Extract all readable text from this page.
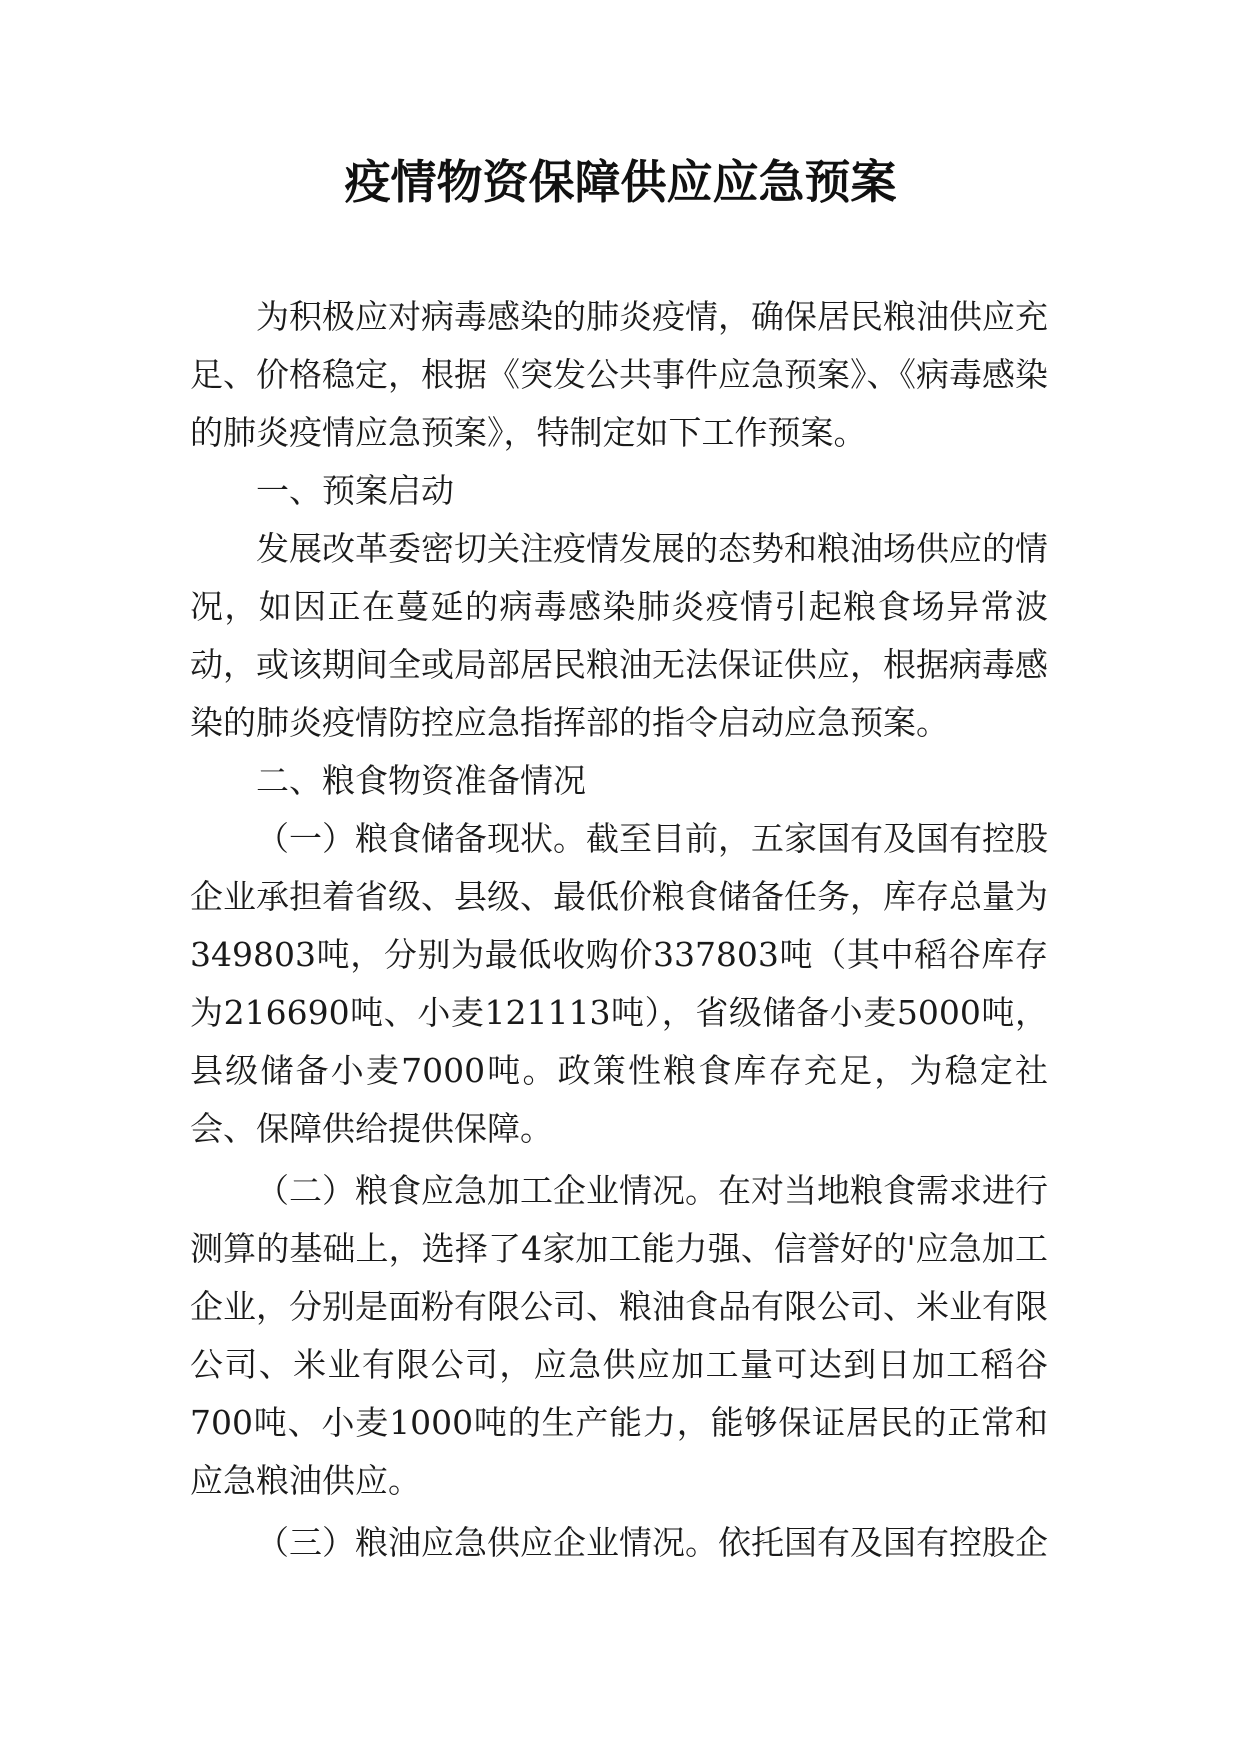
疫情物资保障供应应急预案

为积极应对病毒感染的肺炎疫情，确保居民粮油供应充足、价格稳定，根据《突发公共事件应急预案》、《病毒感染的肺炎疫情应急预案》，特制定如下工作预案。

一、预案启动

发展改革委密切关注疫情发展的态势和粮油场供应的情况，如因正在蔓延的病毒感染肺炎疫情引起粮食场异常波动，或该期间全或局部居民粮油无法保证供应，根据病毒感染的肺炎疫情防控应急指挥部的指令启动应急预案。

二、粮食物资准备情况

（一）粮食储备现状。截至目前，五家国有及国有控股企业承担着省级、县级、最低价粮食储备任务，库存总量为349803吨，分别为最低收购价337803吨（其中稻谷库存为216690吨、小麦121113吨），省级储备小麦5000吨，县级储备小麦7000吨。政策性粮食库存充足，为稳定社会、保障供给提供保障。

（二）粮食应急加工企业情况。在对当地粮食需求进行测算的基础上，选择了4家加工能力强、信誉好的'应急加工企业，分别是面粉有限公司、粮油食品有限公司、米业有限公司、米业有限公司，应急供应加工量可达到日加工稻谷700吨、小麦1000吨的生产能力，能够保证居民的正常和应急粮油供应。

（三）粮油应急供应企业情况。依托国有及国有控股企
